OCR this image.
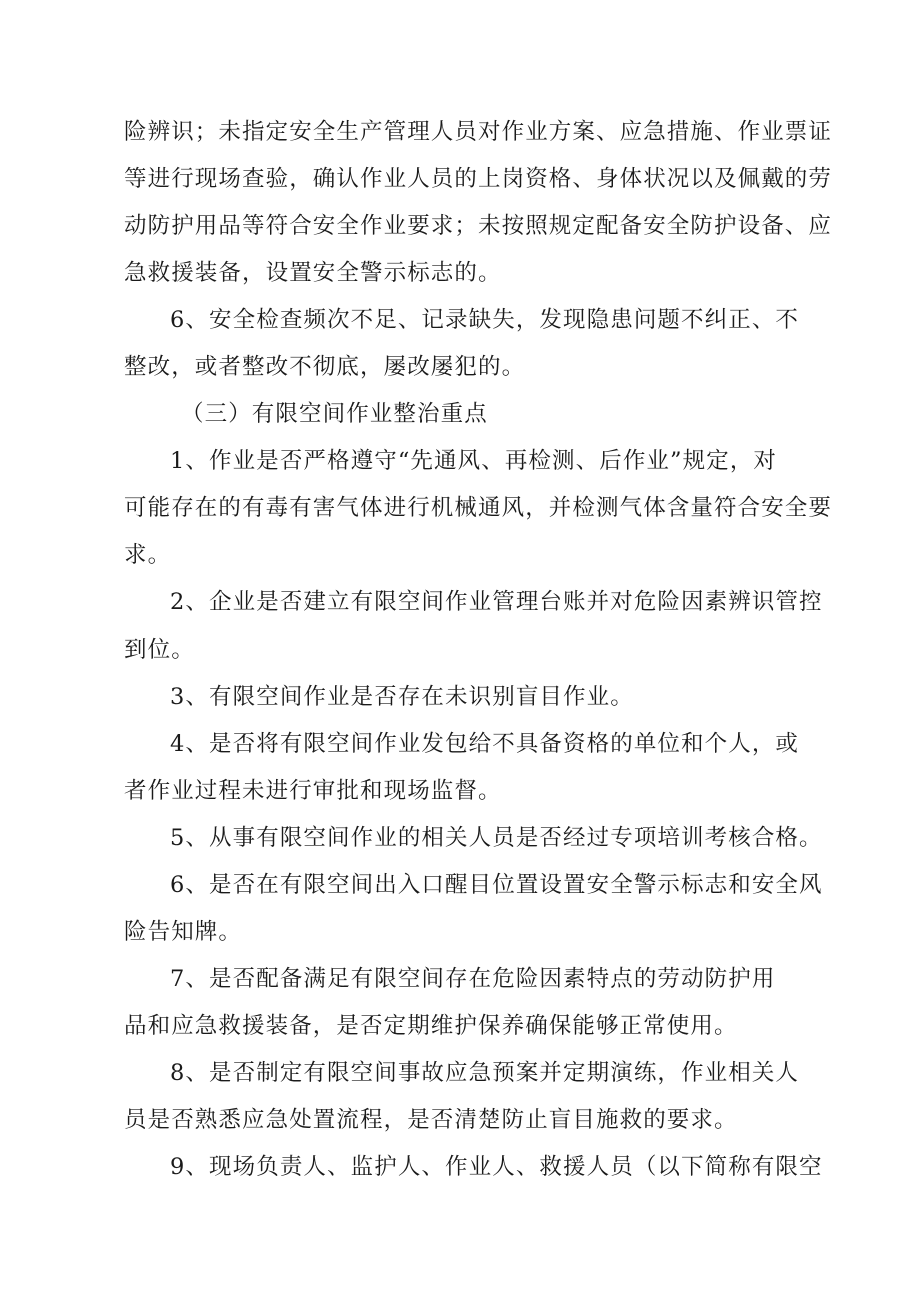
险辨识；未指定安全生产管理人员对作业方案、应急措施、作业票证
等进行现场查验，确认作业人员的上岗资格、身体状况以及佩戴的劳
动防护用品等符合安全作业要求；未按照规定配备安全防护设备、应
急救援装备，设置安全警示标志的。
6、安全检查频次不足、记录缺失，发现隐患问题不纠正、不
整改，或者整改不彻底，屡改屡犯的。
（三）有限空间作业整治重点
1、作业是否严格遵守“先通风、再检测、后作业”规定，对
可能存在的有毒有害气体进行机械通风，并检测气体含量符合安全要
求。
2、企业是否建立有限空间作业管理台账并对危险因素辨识管控
到位。
3、有限空间作业是否存在未识别盲目作业。
4、是否将有限空间作业发包给不具备资格的单位和个人，或
者作业过程未进行审批和现场监督。
5、从事有限空间作业的相关人员是否经过专项培训考核合格。
6、是否在有限空间出入口醒目位置设置安全警示标志和安全风
险告知牌。
7、是否配备满足有限空间存在危险因素特点的劳动防护用
品和应急救援装备，是否定期维护保养确保能够正常使用。
8、是否制定有限空间事故应急预案并定期演练，作业相关人
员是否熟悉应急处置流程，是否清楚防止盲目施救的要求。
9、现场负责人、监护人、作业人、救援人员（以下简称有限空
